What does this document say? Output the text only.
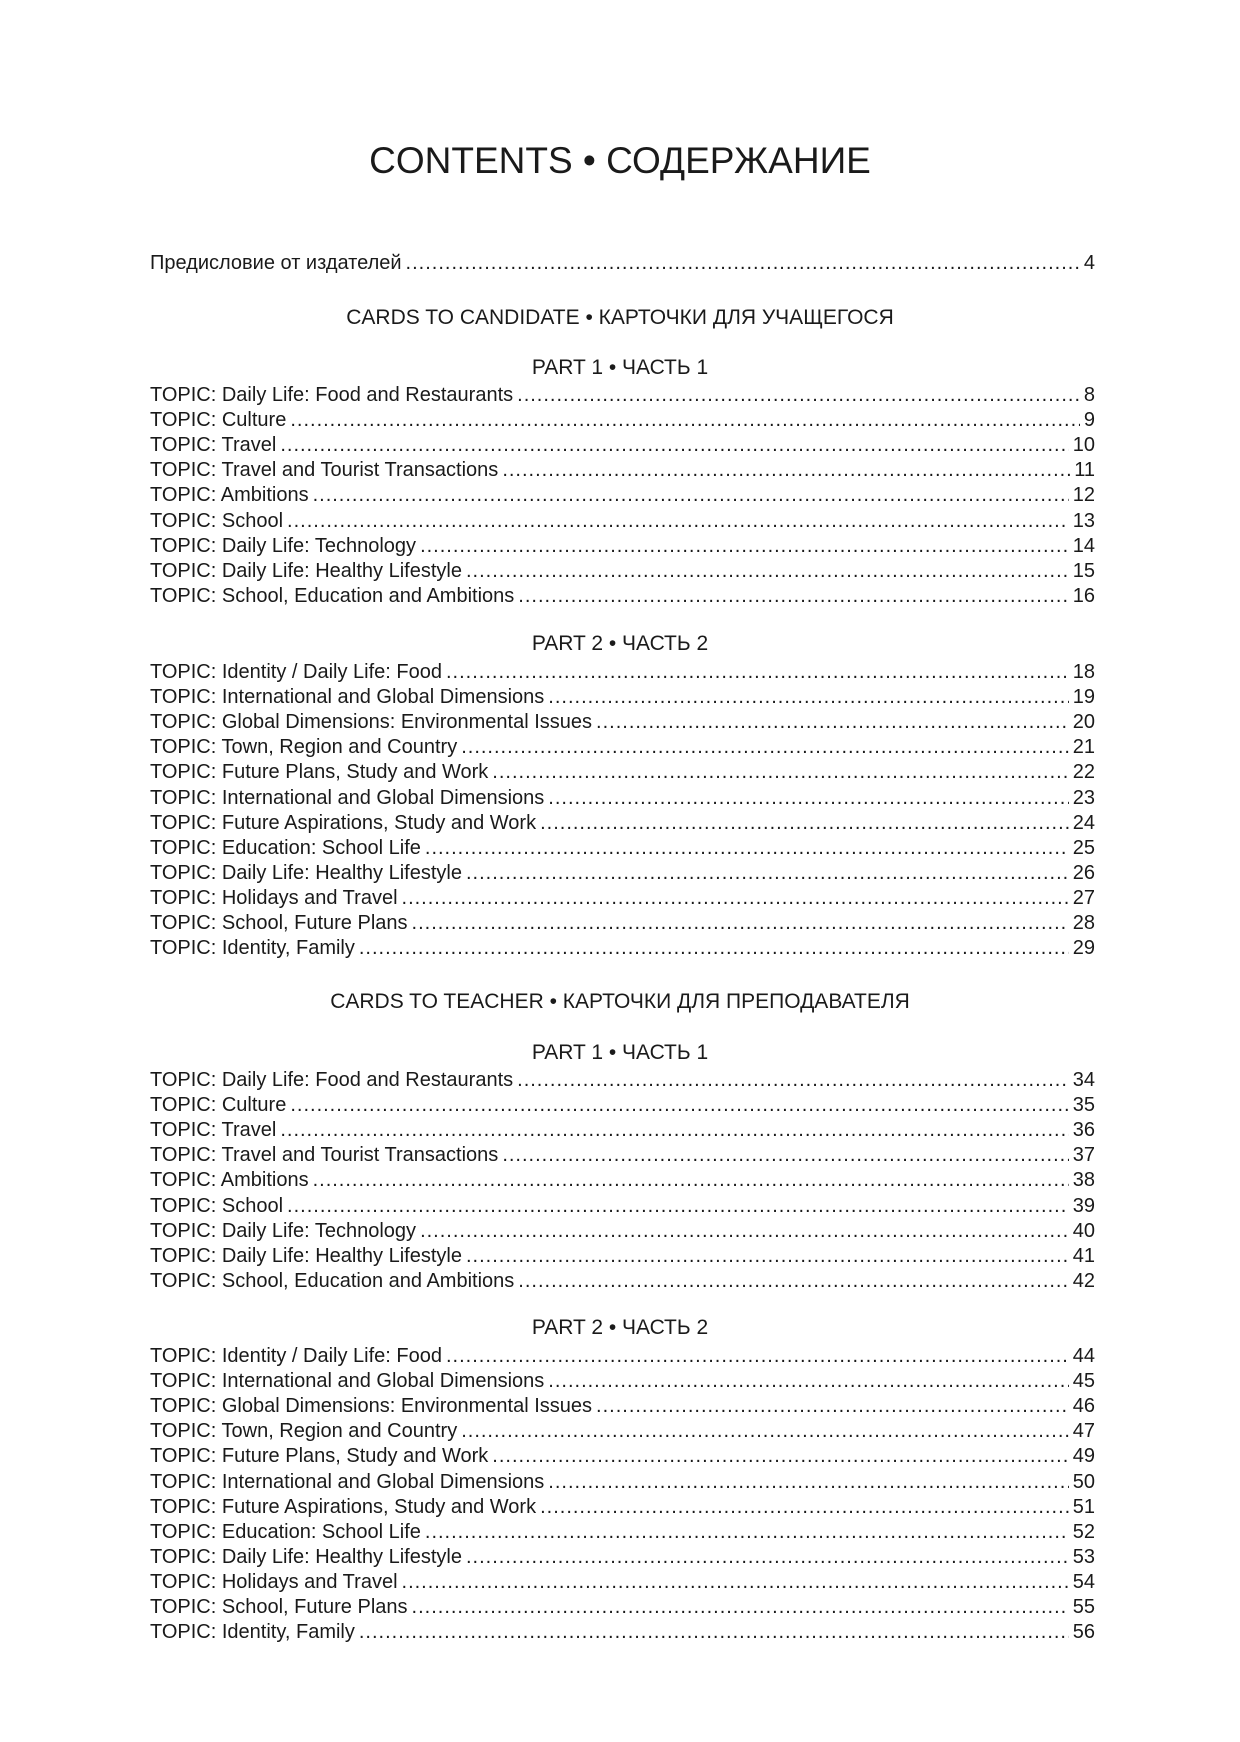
CONTENTS • СОДЕРЖАНИЕ
Предисловие от издателей .....	4
TOPIC: Daily Life: Food and Restaurants .....	8
TOPIC: Culture .....	9
TOPIC: Travel .....	10
TOPIC: Travel and Tourist Transactions .....	11
TOPIC: Ambitions .....	12
TOPIC: School .....	13
TOPIC: Daily Life: Technology .....	14
TOPIC: Daily Life: Healthy Lifestyle .....	15
TOPIC: School, Education and Ambitions .....	16
TOPIC: Identity / Daily Life: Food .....	18
TOPIC: International and Global Dimensions .....	19
TOPIC: Global Dimensions: Environmental Issues .....	20
TOPIC: Town, Region and Country .....	21
TOPIC: Future Plans, Study and Work .....	22
TOPIC: International and Global Dimensions .....	23
TOPIC: Future Aspirations, Study and Work .....	24
TOPIC: Education: School Life .....	25
TOPIC: Daily Life: Healthy Lifestyle .....	26
TOPIC: Holidays and Travel .....	27
TOPIC: School, Future Plans .....	28
TOPIC: Identity, Family .....	29
TOPIC: Daily Life: Food and Restaurants .....	34
TOPIC: Culture .....	35
TOPIC: Travel .....	36
TOPIC: Travel and Tourist Transactions .....	37
TOPIC: Ambitions .....	38
TOPIC: School .....	39
TOPIC: Daily Life: Technology .....	40
TOPIC: Daily Life: Healthy Lifestyle .....	41
TOPIC: School, Education and Ambitions .....	42
TOPIC: Identity / Daily Life: Food .....	44
TOPIC: International and Global Dimensions .....	45
TOPIC: Global Dimensions: Environmental Issues .....	46
TOPIC: Town, Region and Country .....	47
TOPIC: Future Plans, Study and Work .....	49
TOPIC: International and Global Dimensions .....	50
TOPIC: Future Aspirations, Study and Work .....	51
TOPIC: Education: School Life .....	52
TOPIC: Daily Life: Healthy Lifestyle .....	53
TOPIC: Holidays and Travel .....	54
TOPIC: School, Future Plans .....	55
TOPIC: Identity, Family .....	56
CARDS TO CANDIDATE • КАРТОЧКИ ДЛЯ УЧАЩЕГОСЯ
PART 1 • ЧАСТЬ 1
PART 2 • ЧАСТЬ 2
CARDS TO TEACHER • КАРТОЧКИ ДЛЯ ПРЕПОДАВАТЕЛЯ
PART 1 • ЧАСТЬ 1
PART 2 • ЧАСТЬ 2
